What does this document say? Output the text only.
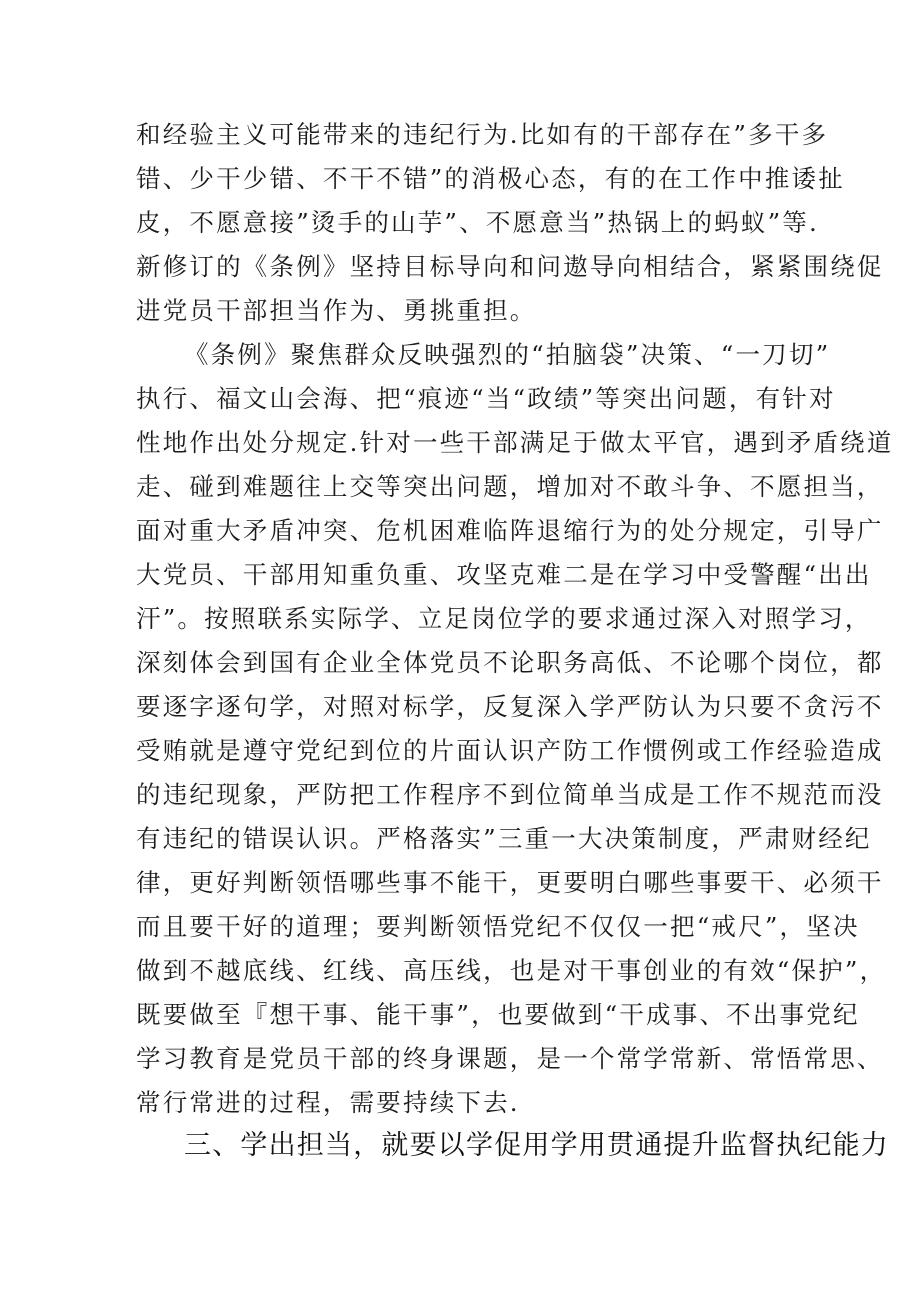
和经验主义可能带来的违纪行为.比如有的干部存在”多干多
错、少干少错、不干不错”的消极心态，有的在工作中推诿扯
皮，不愿意接”烫手的山芋”、不愿意当”热锅上的蚂蚁”等.
新修订的《条例》坚持目标导向和问遨导向相结合，紧紧围绕促
进党员干部担当作为、勇挑重担。
《条例》聚焦群众反映强烈的“拍脑袋”决策、“一刀切”
执行、福文山会海、把“痕迹“当“政绩”等突出问题，有针对
性地作出处分规定.针对一些干部满足于做太平官，遇到矛盾绕道
走、碰到难题往上交等突出问题，增加对不敢斗争、不愿担当，
面对重大矛盾冲突、危机困难临阵退缩行为的处分规定，引导广
大党员、干部用知重负重、攻坚克难二是在学习中受警醒“出出
汗”。按照联系实际学、立足岗位学的要求通过深入对照学习，
深刻体会到国有企业全体党员不论职务高低、不论哪个岗位，都
要逐字逐句学，对照对标学，反复深入学严防认为只要不贪污不
受贿就是遵守党纪到位的片面认识产防工作惯例或工作经验造成
的违纪现象，严防把工作程序不到位简单当成是工作不规范而没
有违纪的错误认识。严格落实”三重一大决策制度，严肃财经纪
律，更好判断领悟哪些事不能干，更要明白哪些事要干、必须干
而且要干好的道理；要判断领悟党纪不仅仅一把“戒尺”，坚决
做到不越底线、红线、高压线，也是对干事创业的有效“保护”，
既要做至『想干事、能干事”，也要做到“干成事、不出事党纪
学习教育是党员干部的终身课题，是一个常学常新、常悟常思、
常行常进的过程，需要持续下去.
三、学出担当，就要以学促用学用贯通提升监督执纪能力
